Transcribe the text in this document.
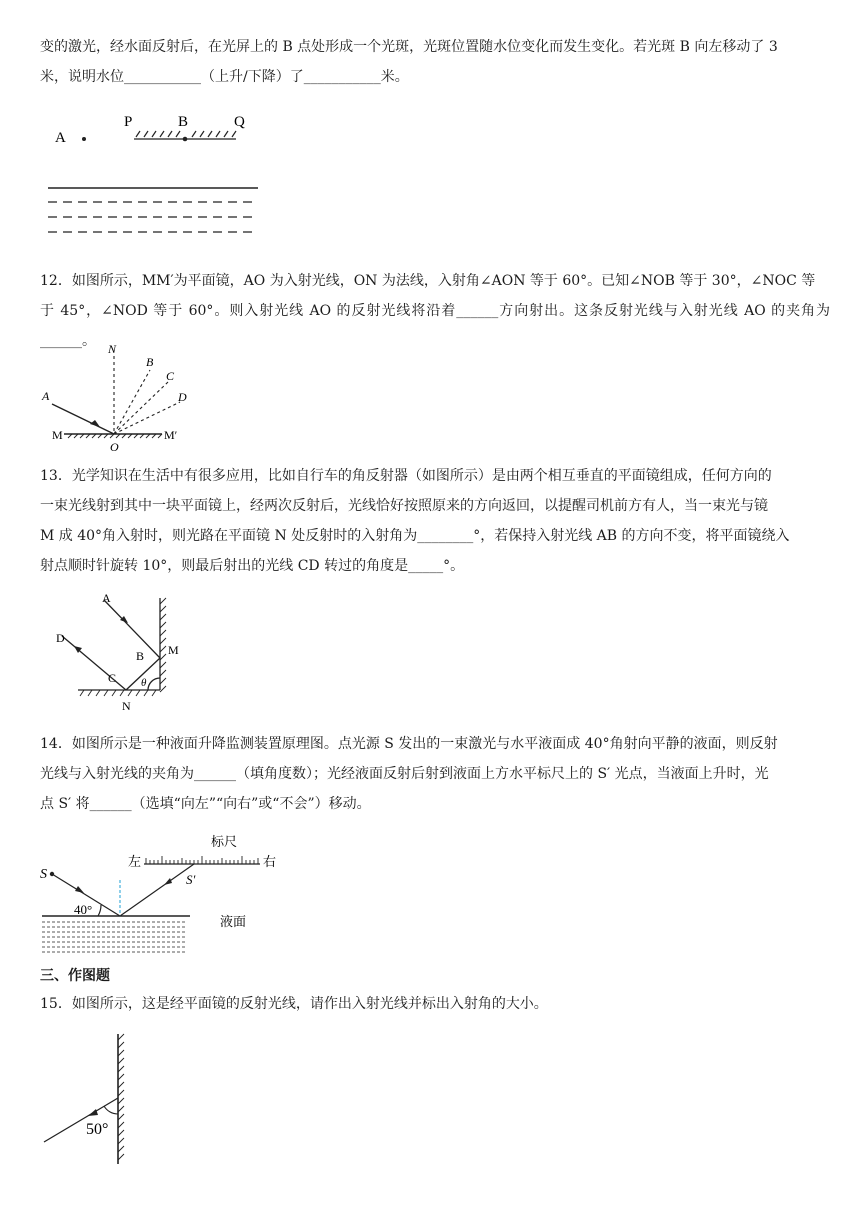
变的激光，经水面反射后，在光屏上的 B 点处形成一个光斑，光斑位置随水位变化而发生变化。若光斑 B 向左移动了 3
米，说明水位___________（上升/下降）了___________米。
A
P	B	Q
12．如图所示，MM′为平面镜，AO 为入射光线，ON 为法线，入射角∠AON 等于 60°。已知∠NOB 等于 30°，∠NOC 等
于 45°，∠NOD 等于 60°。则入射光线 AO 的反射光线将沿着______方向射出。这条反射光线与入射光线 AO 的夹角为______。	N
B
C
D
A
O
M	M′
13．光学知识在生活中有很多应用，比如自行车的角反射器（如图所示）是由两个相互垂直的平面镜组成，任何方向的
一束光线射到其中一块平面镜上，经两次反射后，光线恰好按照原来的方向返回，以提醒司机前方有人，当一束光与镜
M 成 40°角入射时，则光路在平面镜 N 处反射时的入射角为________°，若保持入射光线 AB 的方向不变，将平面镜绕入
射点顺时针旋转 10°，则最后射出的光线 CD 转过的角度是_____°。
A
D
M
B
C θ
N
14．如图所示是一种液面升降监测装置原理图。点光源 S 发出的一束激光与水平液面成 40°角射向平静的液面，则反射
光线与入射光线的夹角为______（填角度数）；光经液面反射后射到液面上方水平标尺上的 S′ 光点，当液面上升时，光
点 S′ 将______（选填“向左”“向右”或“不会”）移动。
标尺
左	右
S	S′
40°
液面
三、作图题
15．如图所示，这是经平面镜的反射光线，请作出入射光线并标出入射角的大小。
50°
